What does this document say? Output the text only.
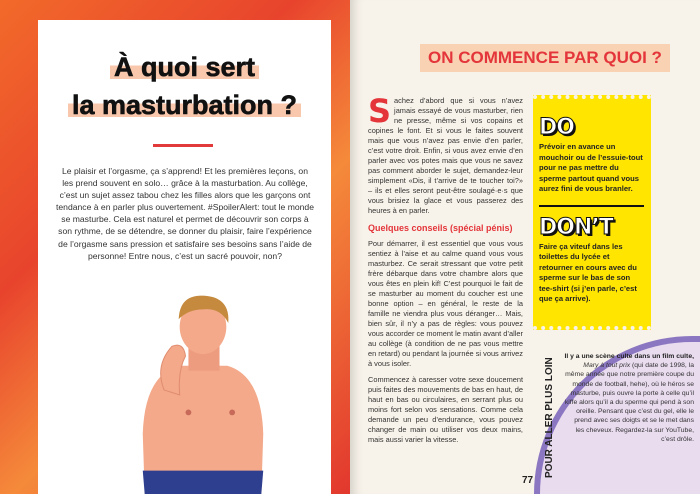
À quoi sert
la masturbation ?

Le plaisir et l’orgasme, ça s’apprend! Et les premières leçons, on les prend souvent en solo… grâce à la masturbation. Au collège, c’est un sujet assez tabou chez les filles alors que les garçons ont tendance à en parler plus ouvertement. #SpoilerAlert: tout le monde se masturbe. Cela est naturel et permet de découvrir son corps à son rythme, de se détendre, se donner du plaisir, faire l’expérience de l’orgasme sans pression et satisfaire ses besoins sans l’aide de personne! Entre nous, c’est un sacré pouvoir, non?

ON COMMENCE PAR QUOI ?

Sachez d’abord que si vous n’avez jamais essayé de vous masturber, rien ne presse, même si vos copains et copines le font. Et si vous le faites souvent mais que vous n’avez pas envie d’en parler, c’est votre droit. Enfin, si vous avez envie d’en parler avec vos potes mais que vous ne savez pas comment aborder le sujet, demandez-leur simplement «Dis, il t’arrive de te toucher toi?» – ils et elles seront peut-être soulagé·e·s que vous brisiez la glace et vous passerez des heures à en parler.

Quelques conseils (spécial pénis)

Pour démarrer, il est essentiel que vous vous sentiez à l’aise et au calme quand vous vous masturbez. Ce serait stressant que votre petit frère débarque dans votre chambre alors que vous êtes en plein kif! C’est pourquoi le fait de se masturber au moment du coucher est une bonne option – en général, le reste de la famille ne viendra plus vous déranger… Mais, bien sûr, il n’y a pas de règles: vous pouvez vous accorder ce moment le matin avant d’aller au collège (à condition de ne pas vous mettre en retard) ou pendant la journée si vous arrivez à vous isoler.

Commencez à caresser votre sexe doucement puis faites des mouvements de bas en haut, de haut en bas ou circulaires, en serrant plus ou moins fort selon vos sensations. Comme cela demande un peu d’endurance, vous pouvez changer de main ou utiliser vos deux mains, mais aussi varier la vitesse.

77
DO

Prévoir en avance un mouchoir ou de l’essuie-tout pour ne pas mettre du sperme partout quand vous aurez fini de vous branler.

DON’T

Faire ça viteuf dans les toilettes du lycée et retourner en cours avec du sperme sur le bas de son tee-shirt (si j’en parle, c’est que ça arrive).

POUR ALLER PLUS LOIN

Il y a une scène culte dans un film culte, Mary à tout prix (qui date de 1998, la même année que notre première coupe du monde de football, hehe), où le héros se masturbe, puis ouvre la porte à celle qu’il kiffe alors qu’il a du sperme qui pend à son oreille. Pensant que c’est du gel, elle le prend avec ses doigts et se le met dans les cheveux. Regardez-la sur YouTube, c’est drôle.
